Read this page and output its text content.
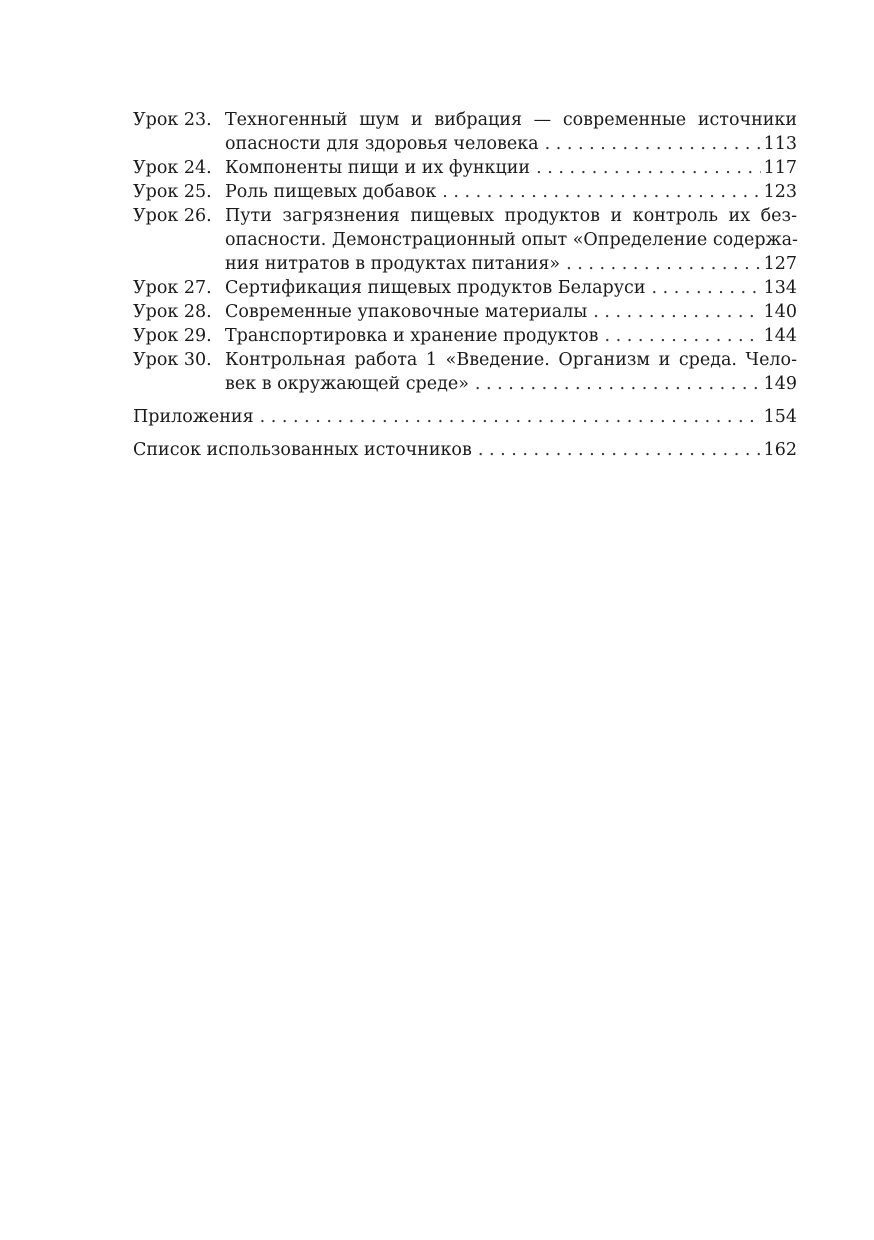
Урок 23. Техногенный шум и вибрация — современные источники
опасности для здоровья человека . . .	113
Урок 24. Компоненты пищи и их функции . . .	117
Урок 25. Роль пищевых добавок . . .	123
Урок 26. Пути загрязнения пищевых продуктов и контроль их без-
опасности. Демонстрационный опыт «Определение содержа-
ния нитратов в продуктах питания» . . .	127
Урок 27. Сертификация пищевых продуктов Беларуси . . .	134
Урок 28. Современные упаковочные материалы . . .	140
Урок 29. Транспортировка и хранение продуктов . . .	144
Урок 30. Контрольная работа 1 «Введение. Организм и среда. Чело-
век в окружающей среде» . . .	149
Приложения . . .	154
Список использованных источников . . .	162
